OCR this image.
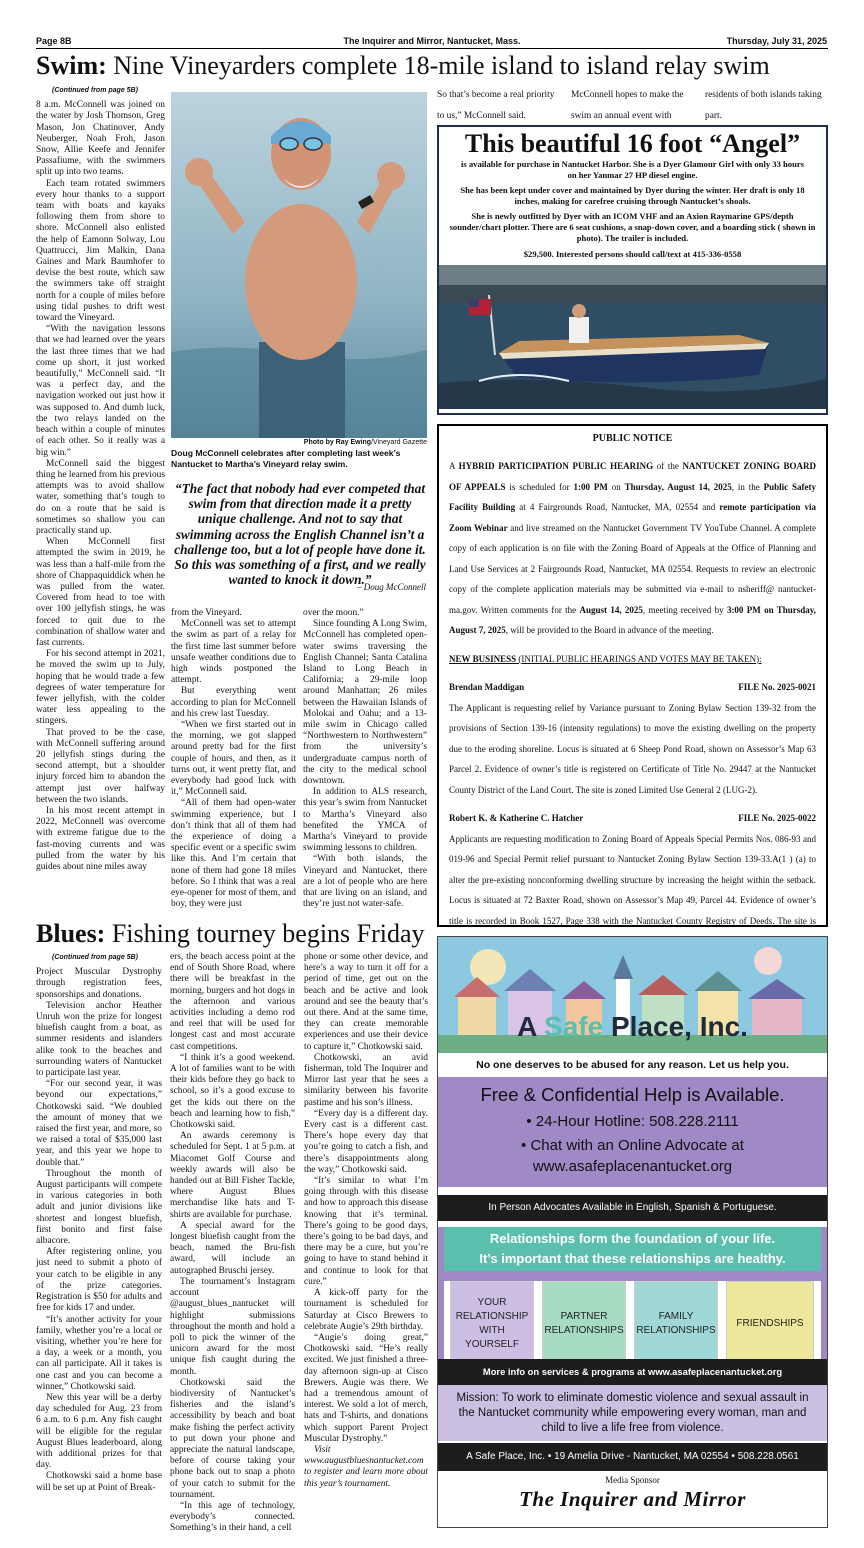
Page 8B	The Inquirer and Mirror, Nantucket, Mass.	Thursday, July 31, 2025
Swim: Nine Vineyarders complete 18-mile island to island relay swim
(Continued from page 5B)

8 a.m. McConnell was joined on the water by Josh Thomson, Greg Mason, Jon Chatinover, Andy Neuberger, Noah Froh, Jason Snow, Allie Keefe and Jennifer Passafiume, with the swimmers split up into two teams.

Each team rotated swimmers every hour thanks to a support team with boats and kayaks following them from shore to shore. McConnell also enlisted the help of Eamonn Solway, Lou Quattrucci, Jim Malkin, Dana Gaines and Mark Baumhofer to devise the best route, which saw the swimmers take off straight north for a couple of miles before using tidal pushes to drift west toward the Vineyard.

“With the navigation lessons that we had learned over the years the last three times that we had come up short, it just worked beautifully,” McConnell said. “It was a perfect day, and the navigation worked out just how it was supposed to. And dumb luck, the two relays landed on the beach within a couple of minutes of each other. So it really was a big win.”

McConnell said the biggest thing he learned from his previous attempts was to avoid shallow water, something that’s tough to do on a route that he said is sometimes so shallow you can practically stand up.

When McConnell first attempted the swim in 2019, he was less than a half-mile from the shore of Chappaquiddick when he was pulled from the water. Covered from head to toe with over 100 jellyfish stings, he was forced to quit due to the combination of shallow water and fast currents.

For his second attempt in 2021, he moved the swim up to July, hoping that he would trade a few degrees of water temperature for fewer jellyfish, with the colder water less appealing to the stingers.

That proved to be the case, with McConnell suffering around 20 jellyfish stings during the second attempt, but a shoulder injury forced him to abandon the attempt just over halfway between the two islands.

In his most recent attempt in 2022, McConnell was overcome with extreme fatigue due to the fast-moving currents and was pulled from the water by his guides about nine miles away

Photo by Ray Ewing/Vineyard Gazette
Doug McConnell celebrates after completing last week’s Nantucket to Martha’s Vineyard relay swim.
“The fact that nobody had ever competed that swim from that direction made it a pretty unique challenge. And not to say that swimming across the English Channel isn’t a challenge too, but a lot of people have done it. So this was something of a first, and we really wanted to knock it down.”
– Doug McConnell

from the Vineyard.

McConnell was set to attempt the swim as part of a relay for the first time last summer before unsafe weather conditions due to high winds postponed the attempt.

But everything went according to plan for McConnell and his crew last Tuesday.

“When we first started out in the morning, we got slapped around pretty bad for the first couple of hours, and then, as it turns out, it went pretty flat, and everybody had good luck with it,” McConnell said.

“All of them had open-water swimming experience, but I don’t think that all of them had the experience of doing a specific event or a specific swim like this. And I’m certain that none of them had gone 18 miles before. So I think that was a real eye-opener for most of them, and boy, they were just

over the moon.”

Since founding A Long Swim, McConnell has completed open-water swims traversing the English Channel; Santa Catalina Island to Long Beach in California; a 29-mile loop around Manhattan; 26 miles between the Hawaiian Islands of Molokai and Oahu; and a 13-mile swim in Chicago called “Northwestern to Northwestern” from the university’s undergraduate campus north of the city to the medical school downtown.

In addition to ALS research, this year’s swim from Nantucket to Martha’s Vineyard also benefited the YMCA of Martha’s Vineyard to provide swimming lessons to children.

“With both islands, the Vineyard and Nantucket, there are a lot of people who are here that are living on an island, and they’re just not water-safe.

So that’s become a real priority to us,” McConnell said.
McConnell hopes to make the swim an annual event with
residents of both islands taking part.
This beautiful 16 foot “Angel”
is available for purchase in Nantucket Harbor. She is a Dyer Glamour Girl with only 33 hours on her Yanmar 27 HP diesel engine.
She has been kept under cover and maintained by Dyer during the winter. Her draft is only 18 inches, making for carefree cruising through Nantucket’s shoals.
She is newly outfitted by Dyer with an ICOM VHF and an Axion Raymarine GPS/depth sounder/chart plotter. There are 6 seat cushions, a snap-down cover, and a boarding stick ( shown in photo). The trailer is included.
$29,500. Interested persons should call/text at 415-336-0558
PUBLIC NOTICE
A HYBRID PARTICIPATION PUBLIC HEARING of the NANTUCKET ZONING BOARD OF APPEALS is scheduled for 1:00 PM on Thursday, August 14, 2025, in the Public Safety Facility Building at 4 Fairgrounds Road, Nantucket, MA, 02554 and remote participation via Zoom Webinar and live streamed on the Nantucket Government TV YouTube Channel. A complete copy of each application is on file with the Zoning Board of Appeals at the Office of Planning and Land Use Services at 2 Fairgrounds Road, Nantucket, MA 02554. Requests to review an electronic copy of the complete application materials may be submitted via e-mail to nsheriff@ nantucket-ma.gov. Written comments for the August 14, 2025, meeting received by 3:00 PM on Thursday, August 7, 2025, will be provided to the Board in advance of the meeting.
NEW BUSINESS (INITIAL PUBLIC HEARINGS AND VOTES MAY BE TAKEN):
Brendan Maddigan	FILE No. 2025-0021
The Applicant is requesting relief by Variance pursuant to Zoning Bylaw Section 139-32 from the provisions of Section 139-16 (intensity regulations) to move the existing dwelling on the property due to the eroding shoreline. Locus is situated at 6 Sheep Pond Road, shown on Assessor’s Map 63 Parcel 2. Evidence of owner’s title is registered on Certificate of Title No. 29447 at the Nantucket County District of the Land Court. The site is zoned Limited Use General 2 (LUG-2).
Robert K. & Katherine C. Hatcher	FILE No. 2025-0022
Applicants are requesting modification to Zoning Board of Appeals Special Permits Nos. 086-93 and 019-96 and Special Permit relief pursuant to Nantucket Zoning Bylaw Section 139-33.A(1 ) (a) to alter the pre-existing nonconforming dwelling structure by increasing the height within the setback. Locus is situated at 72 Baxter Road, shown on Assessor’s Map 49, Parcel 44. Evidence of owner’s title is recorded in Book 1527, Page 338 with the Nantucket County Registry of Deeds. The site is
Blues: Fishing tourney begins Friday
(Continued from page 5B)

Project Muscular Dystrophy through registration fees, sponsorships and donations.

Television anchor Heather Unruh won the prize for longest bluefish caught from a boat, as summer residents and islanders alike took to the beaches and surrounding waters of Nantucket to participate last year.

“For our second year, it was beyond our expectations,” Chotkowski said. “We doubled the amount of money that we raised the first year, and more, so we raised a total of $35,000 last year, and this year we hope to double that.”

Throughout the month of August participants will compete in various categories in both adult and junior divisions like shortest and longest bluefish, first bonito and first false albacore.

After registering online, you just need to submit a photo of your catch to be eligible in any of the prize categories. Registration is $50 for adults and free for kids 17 and under.

“It’s another activity for your family, whether you’re a local or visiting, whether you’re here for a day, a week or a month, you can all participate. All it takes is one cast and you can become a winner,” Chotkowski said.

New this year will be a derby day scheduled for Aug. 23 from 6 a.m. to 6 p.m. Any fish caught will be eligible for the regular August Blues leaderboard, along with additional prizes for that day.

Chotkowski said a home base will be set up at Point of Break-

ers, the beach access point at the end of South Shore Road, where there will be breakfast in the morning, burgers and hot dogs in the afternoon and various activities including a demo rod and reel that will be used for longest cast and most accurate cast competitions.

“I think it’s a good weekend. A lot of families want to be with their kids before they go back to school, so it’s a good excuse to get the kids out there on the beach and learning how to fish,” Chotkowski said.

An awards ceremony is scheduled for Sept. 1 at 5 p.m. at Miacomet Golf Course and weekly awards will also be handed out at Bill Fisher Tackle, where August Blues merchandise like hats and T-shirts are available for purchase.

A special award for the longest bluefish caught from the beach, named the Bru-fish award, will include an autographed Bruschi jersey.

The tournament’s Instagram account @august_blues_nantucket will highlight submissions throughout the month and hold a poll to pick the winner of the unicorn award for the most unique fish caught during the month.

Chotkowski said the biodiversity of Nantucket’s fisheries and the island’s accessibility by beach and boat make fishing the perfect activity to put down your phone and appreciate the natural landscape, before of course taking your phone back out to snap a photo of your catch to submit for the tournament.

“In this age of technology, everybody’s connected. Something’s in their hand, a cell

phone or some other device, and here’s a way to turn it off for a period of time, get out on the beach and be active and look around and see the beauty that’s out there. And at the same time, they can create memorable experiences and use their device to capture it,” Chotkowski said.

Chotkowski, an avid fisherman, told The Inquirer and Mirror last year that he sees a similarity between his favorite pastime and his son’s illness.

“Every day is a different day. Every cast is a different cast. There’s hope every day that you’re going to catch a fish, and there’s disappointments along the way,” Chotkowski said.

“It’s similar to what I’m going through with this disease and how to approach this disease knowing that it’s terminal. There’s going to be good days, there’s going to be bad days, and there may be a cure, but you’re going to have to stand behind it and continue to look for that cure.”

A kick-off party for the tournament is scheduled for Saturday at Cisco Brewers to celebrate Augie’s 29th birthday.

“Augie’s doing great,” Chotkowski said. “He’s really excited. We just finished a three-day afternoon sign-up at Cisco Brewers. Augie was there. We had a tremendous amount of interest. We sold a lot of merch, hats and T-shirts, and donations which support Parent Project Muscular Dystrophy.”

Visit www.augustbluesnantucket.com to register and learn more about this year’s tournament.

A Safe Place, Inc.
No one deserves to be abused for any reason. Let us help you.
Free & Confidential Help is Available.
• 24-Hour Hotline: 508.228.2111
• Chat with an Online Advocate at
www.asafeplacenantucket.org
In Person Advocates Available in English, Spanish & Portuguese.
Relationships form the foundation of your life.
It’s important that these relationships are healthy.
YOUR RELATIONSHIP WITH YOURSELF
PARTNER RELATIONSHIPS
FAMILY RELATIONSHIPS
FRIENDSHIPS
More info on services & programs at www.asafeplacenantucket.org
Mission: To work to eliminate domestic violence and sexual assault in the Nantucket community while empowering every woman, man and child to live a life free from violence.
A Safe Place, Inc. • 19 Amelia Drive - Nantucket, MA 02554 • 508.228.0561
Media Sponsor
The Inquirer and Mirror
